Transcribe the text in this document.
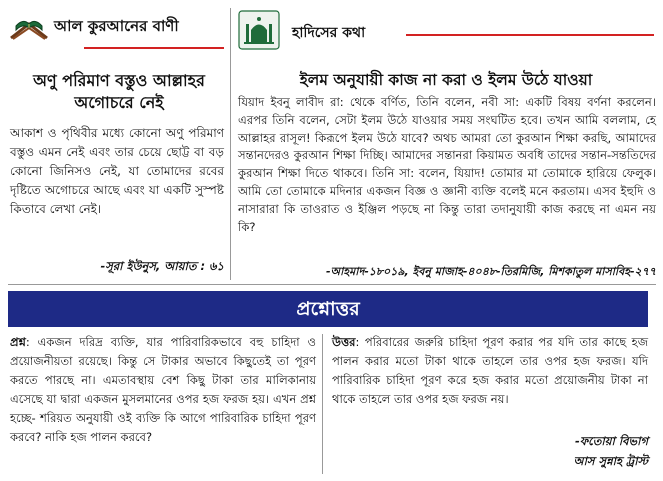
আল কুরআনের বাণী	হাদিসের কথা
অণু পরিমাণ বস্তুও আল্লাহর অগোচরে নেই
আকাশ ও পৃথিবীর মধ্যে কোনো অণু পরিমাণ বস্তুও এমন নেই এবং তার চেয়ে ছোট্ট বা বড় কোনো জিনিসও নেই, যা তোমাদের রবের দৃষ্টিতে অগোচরে আছে এবং যা একটি সুস্পষ্ট কিতাবে লেখা নেই।
-সূরা ইউনুস, আয়াত : ৬১
ইলম অনুযায়ী কাজ না করা ও ইলম উঠে যাওয়া
যিয়াদ ইবনু লাবীদ রা: থেকে বর্ণিত, তিনি বলেন, নবী সা: একটি বিষয় বর্ণনা করলেন। এরপর তিনি বলেন, সেটা ইলম উঠে যাওয়ার সময় সংঘটিত হবে। তখন আমি বললাম, হে আল্লাহর রাসূল! কিরূপে ইলম উঠে যাবে? অথচ আমরা তো কুরআন শিক্ষা করছি, আমাদের সন্তানদেরও কুরআন শিক্ষা দিচ্ছি। আমাদের সন্তানরা কিয়ামত অবধি তাদের সন্তান-সন্ততিদের কুরআন শিক্ষা দিতে থাকবে। তিনি সা: বলেন, যিয়াদ! তোমার মা তোমাকে হারিয়ে ফেলুক। আমি তো তোমাকে মদিনার একজন বিজ্ঞ ও জ্ঞানী ব্যক্তি বলেই মনে করতাম। এসব ইহুদি ও নাসারারা কি তাওরাত ও ইঞ্জিল পড়ছে না কিন্তু তারা তদানুযায়ী কাজ করছে না এমন নয় কি?
-আহমাদ-১৮০১৯, ইবনু মাজাহ-৪০৪৮-তিরমিজি, মিশকাতুল মাসাবিহ-২৭৭
প্রশ্নোত্তর
প্রশ্ন: একজন দরিদ্র ব্যক্তি, যার পারিবারিকভাবে বহু চাহিদা ও প্রয়োজনীয়তা রয়েছে। কিন্তু সে টাকার অভাবে কিছুতেই তা পূরণ করতে পারছে না। এমতাবস্থায় বেশ কিছু টাকা তার মালিকানায় এসেছে যা দ্বারা একজন মুসলমানের ওপর হজ ফরজ হয়। এখন প্রশ্ন হচ্ছে- শরিয়ত অনুযায়ী ওই ব্যক্তি কি আগে পারিবারিক চাহিদা পূরণ করবে? নাকি হজ পালন করবে?
উত্তর: পরিবারের জরুরি চাহিদা পূরণ করার পর যদি তার কাছে হজ পালন করার মতো টাকা থাকে তাহলে তার ওপর হজ ফরজ। যদি পারিবারিক চাহিদা পূরণ করে হজ করার মতো প্রয়োজনীয় টাকা না থাকে তাহলে তার ওপর হজ ফরজ নয়।
-ফতোয়া বিভাগ
আস সুন্নাহ ট্রাস্ট
